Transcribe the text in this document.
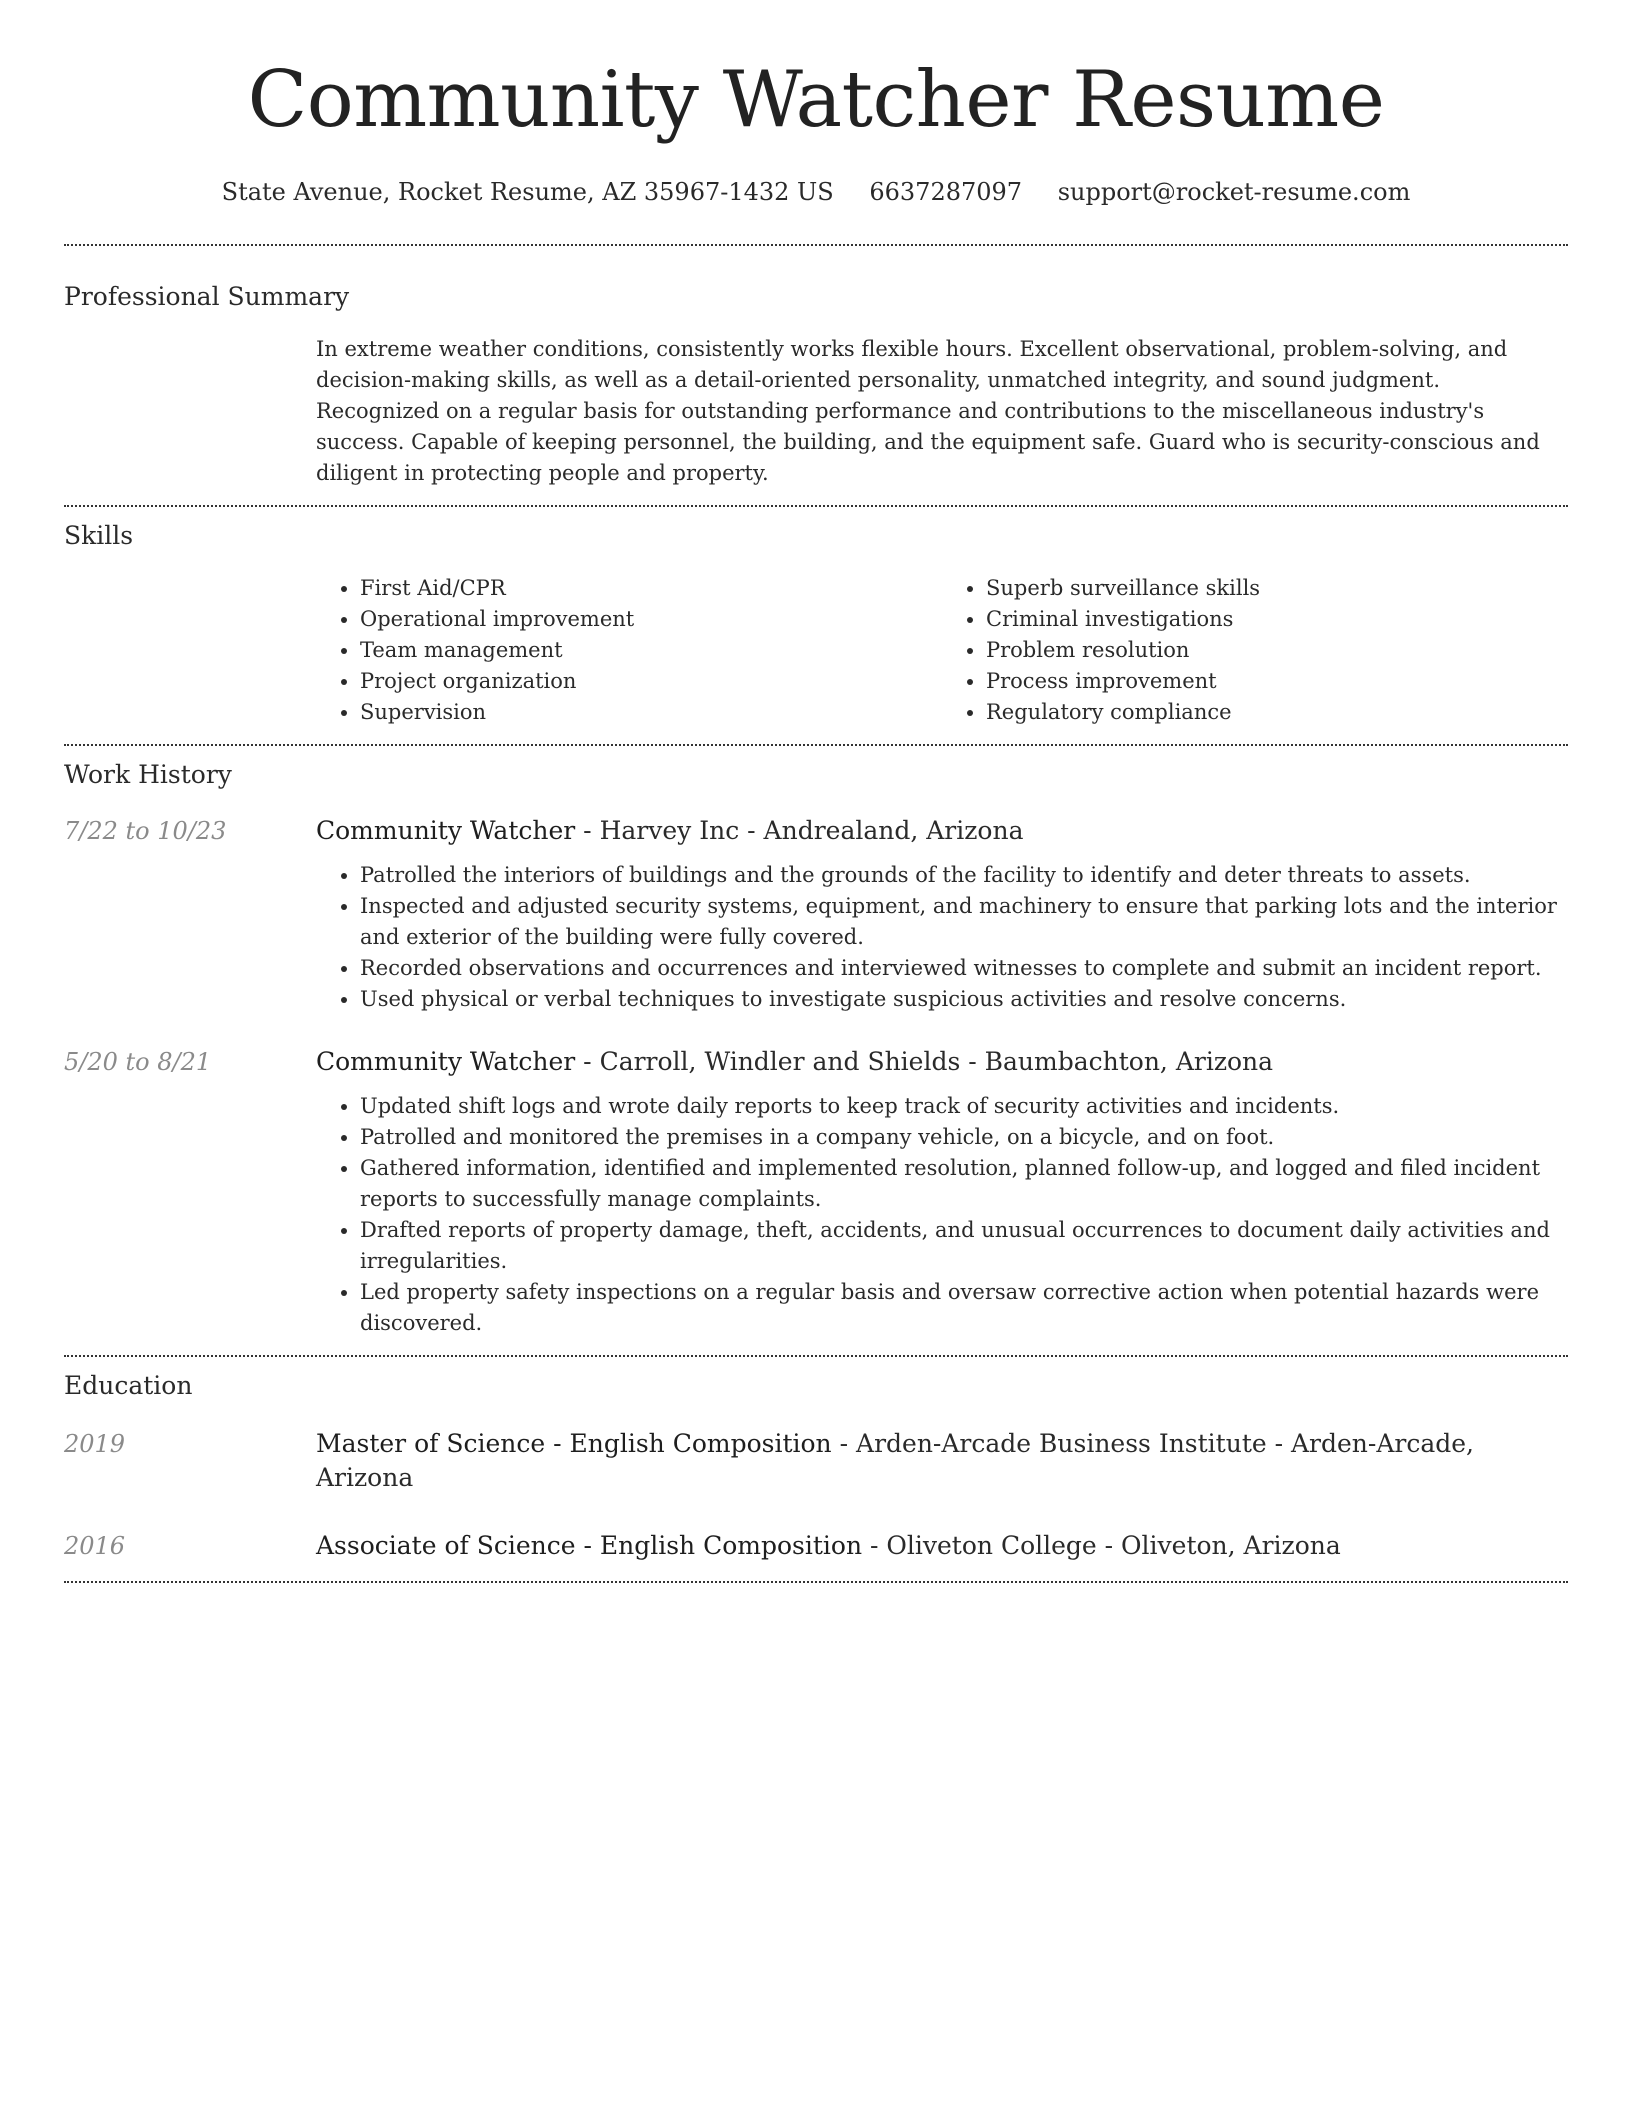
Community Watcher Resume
State Avenue, Rocket Resume, AZ 35967-1432 US 6637287097 support@rocket-resume.com
Professional Summary

In extreme weather conditions, consistently works flexible hours. Excellent observational, problem-solving, and decision-making skills, as well as a detail-oriented personality, unmatched integrity, and sound judgment. Recognized on a regular basis for outstanding performance and contributions to the miscellaneous industry's success. Capable of keeping personnel, the building, and the equipment safe. Guard who is security-conscious and diligent in protecting people and property.

Skills
• First Aid/CPR
• Operational improvement
• Team management
• Project organization
• Supervision
• Superb surveillance skills
• Criminal investigations
• Problem resolution
• Process improvement
• Regulatory compliance
Work History
7/22 to 10/23	Community Watcher - Harvey Inc - Andrealand, Arizona
• Patrolled the interiors of buildings and the grounds of the facility to identify and deter threats to assets.
• Inspected and adjusted security systems, equipment, and machinery to ensure that parking lots and the interior and exterior of the building were fully covered.
• Recorded observations and occurrences and interviewed witnesses to complete and submit an incident report.
• Used physical or verbal techniques to investigate suspicious activities and resolve concerns.
5/20 to 8/21	Community Watcher - Carroll, Windler and Shields - Baumbachton, Arizona
• Updated shift logs and wrote daily reports to keep track of security activities and incidents.
• Patrolled and monitored the premises in a company vehicle, on a bicycle, and on foot.
• Gathered information, identified and implemented resolution, planned follow-up, and logged and filed incident reports to successfully manage complaints.
• Drafted reports of property damage, theft, accidents, and unusual occurrences to document daily activities and irregularities.
• Led property safety inspections on a regular basis and oversaw corrective action when potential hazards were discovered.
Education
2019	Master of Science - English Composition - Arden-Arcade Business Institute - Arden-Arcade, Arizona
2016	Associate of Science - English Composition - Oliveton College - Oliveton, Arizona
